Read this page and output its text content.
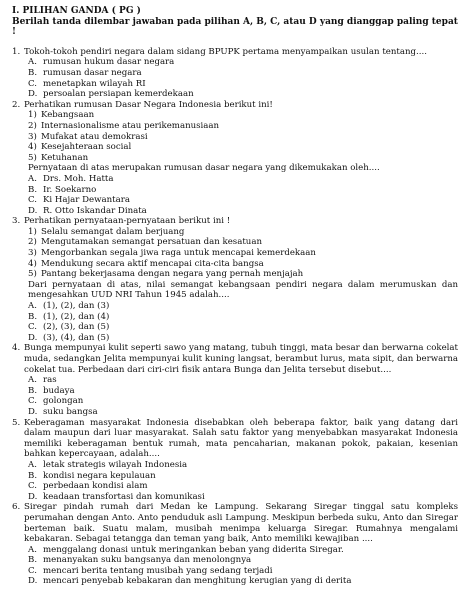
I. PILIHAN GANDA ( PG )
Berilah tanda dilembar jawaban pada pilihan A, B, C, atau D yang dianggap paling tepat !
1. Tokoh-tokoh pendiri negara dalam sidang BPUPK pertama menyampaikan usulan tentang....
A. rumusan hukum dasar negara
B. rumusan dasar negara
C. menetapkan wilayah RI
D. persoalan persiapan kemerdekaan
2. Perhatikan rumusan Dasar Negara Indonesia berikut ini!
1) Kebangsaan
2) Internasionalisme atau perikemanusiaan
3) Mufakat atau demokrasi
4) Kesejahteraan social
5) Ketuhanan
Pernyataan di atas merupakan rumusan dasar negara yang dikemukakan oleh....
A. Drs. Moh. Hatta
B. Ir. Soekarno
C. Ki Hajar Dewantara
D. R. Otto Iskandar Dinata
3. Perhatikan pernyataan-pernyataan berikut ini !
1) Selalu semangat dalam berjuang
2) Mengutamakan semangat persatuan dan kesatuan
3) Mengorbankan segala jiwa raga untuk mencapai kemerdekaan
4) Mendukung secara aktif mencapai cita-cita bangsa
5) Pantang bekerjasama dengan negara yang pernah menjajah
Dari pernyataan di atas, nilai semangat kebangsaan pendiri negara dalam merumuskan dan mengesahkan UUD NRI Tahun 1945 adalah....
A. (1), (2), dan (3)
B. (1), (2), dan (4)
C. (2), (3), dan (5)
D. (3), (4), dan (5)
4. Bunga mempunyai kulit seperti sawo yang matang, tubuh tinggi, mata besar dan berwarna cokelat muda, sedangkan Jelita mempunyai kulit kuning langsat, berambut lurus, mata sipit, dan berwarna cokelat tua. Perbedaan dari ciri-ciri fisik antara Bunga dan Jelita tersebut disebut....
A. ras
B. budaya
C. golongan
D. suku bangsa
5. Keberagaman masyarakat Indonesia disebabkan oleh beberapa faktor, baik yang datang dari dalam maupun dari luar masyarakat. Salah satu faktor yang menyebabkan masyarakat Indonesia memiliki keberagaman bentuk rumah, mata pencaharian, makanan pokok, pakaian, kesenian bahkan kepercayaan, adalah....
A. letak strategis wilayah Indonesia
B. kondisi negara kepulauan
C. perbedaan kondisi alam
D. keadaan transfortasi dan komunikasi
6. Siregar pindah rumah dari Medan ke Lampung. Sekarang Siregar tinggal satu kompleks perumahan dengan Anto. Anto penduduk asli Lampung. Meskipun berbeda suku, Anto dan Siregar berteman baik. Suatu malam, musibah menimpa keluarga Siregar. Rumahnya mengalami kebakaran. Sebagai tetangga dan teman yang baik, Anto memiliki kewajiban ....
A. menggalang donasi untuk meringankan beban yang diderita Siregar.
B. menanyakan suku bangsanya dan menolongnya
C. mencari berita tentang musibah yang sedang terjadi
D. mencari penyebab kebakaran dan menghitung kerugian yang di derita
